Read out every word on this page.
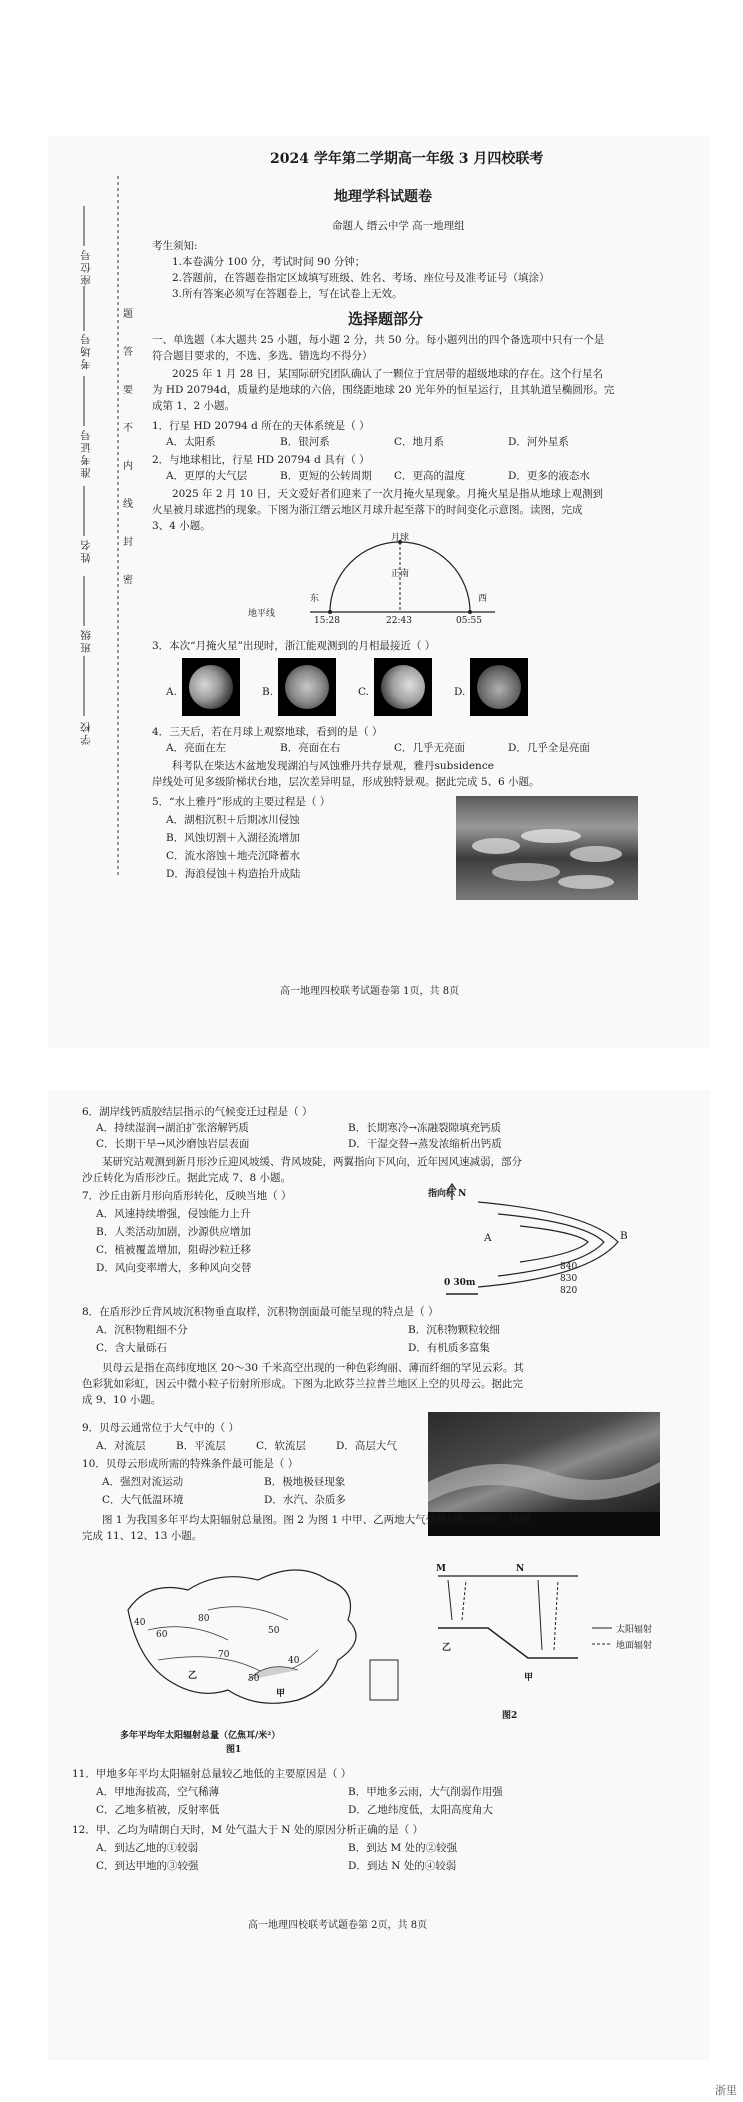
座位号
考场号
准考证号
姓名
班级
学校
题
答
要
不
内
线
封
密
2024 学年第二学期高一年级 3 月四校联考
地理学科试题卷
命题人 缙云中学 高一地理组
考生须知:
1.本卷满分 100 分，考试时间 90 分钟；
2.答题前，在答题卷指定区域填写班级、姓名、考场、座位号及准考证号（填涂）
3.所有答案必须写在答题卷上，写在试卷上无效。
选择题部分
一、单选题（本大题共 25 小题，每小题 2 分，共 50 分。每小题列出的四个备选项中只有一个是
符合题目要求的，不选、多选、错选均不得分）
2025 年 1 月 28 日，某国际研究团队确认了一颗位于宜居带的超级地球的存在。这个行星名
为 HD 20794d，质量约是地球的六倍，围绕距地球 20 光年外的恒星运行，且其轨道呈椭圆形。完
成第 1、2 小题。
1．行星 HD 20794 d 所在的天体系统是（ ）
A．太阳系	B．银河系	C．地月系	D．河外星系
2．与地球相比，行星 HD 20794 d 具有（ ）
A．更厚的大气层	B．更短的公转周期 C．更高的温度	D．更多的液态水
2025 年 2 月 10 日，天文爱好者们迎来了一次月掩火星现象。月掩火星是指从地球上观测到
火星被月球遮挡的现象。下图为浙江缙云地区月球升起至落下的时间变化示意图。读图，完成
3、4 小题。
月球
正南
东	西
地平线
15:28	22:43	05:55
3．本次“月掩火星”出现时，浙江能观测到的月相最接近（ ）
A.	B.	C.	D.
4．三天后，若在月球上观察地球，看到的是（ ）
A．亮面在左	B．亮面在右	C．几乎无亮面	D．几乎全是亮面
科考队在柴达木盆地发现湖泊与风蚀雅丹共存景观，雅丹subsidence
岸线处可见多级阶梯状台地，层次差异明显，形成独特景观。据此完成 5、6 小题。
5．“水上雅丹”形成的主要过程是（ ）
A．湖相沉积＋后期冰川侵蚀
B．风蚀切割＋入湖径流增加
C．流水溶蚀＋地壳沉降蓄水
D．海浪侵蚀＋构造抬升成陆
高一地理四校联考试题卷第 1页，共 8页
6．湖岸线钙质胶结层指示的气候变迁过程是（ ）
A．持续湿润→湖泊扩张溶解钙质	B．长期寒冷→冻融裂隙填充钙质
C．长期干旱→风沙磨蚀岩层表面	D．干湿交替→蒸发浓缩析出钙质
某研究站观测到新月形沙丘迎风坡缓、背风坡陡，两翼指向下风向，近年因风速减弱，部分
沙丘转化为盾形沙丘。据此完成 7、8 小题。
7．沙丘由新月形向盾形转化，反映当地（ ）
A．风速持续增强，侵蚀能力上升
B．人类活动加剧，沙源供应增加
C．植被覆盖增加，阻碍沙粒迁移
D．风向变率增大，多种风向交替
指向标 N
A	B
840
830
820
0 30m
8．在盾形沙丘背风坡沉积物垂直取样，沉积物剖面最可能呈现的特点是（ ）
A．沉积物粗细不分	B．沉积物颗粒较细
C．含大量砾石	D．有机质多富集
贝母云是指在高纬度地区 20～30 千米高空出现的一种色彩绚丽、薄而纤细的罕见云彩。其
色彩犹如彩虹，因云中微小粒子衍射所形成。下图为北欧芬兰拉普兰地区上空的贝母云。据此完
成 9、10 小题。
9．贝母云通常位于大气中的（ ）
A．对流层	B．平流层	C．软流层	D．高层大气
10．贝母云形成所需的特殊条件最可能是（ ）
A．强烈对流运动	B．极地极昼现象
C．大气低温环境	D．水汽、杂质多
图 1 为我国多年平均太阳辐射总量图。图 2 为图 1 中甲、乙两地大气受热过程示意图。读图，
完成 11、12、13 小题。
40
60
80
70
50
50
40
乙
甲
多年平均年太阳辐射总量（亿焦耳/米²）
图1
M	N
乙
甲
太阳辐射
地面辐射
图2
11．甲地多年平均太阳辐射总量较乙地低的主要原因是（ ）
A．甲地海拔高，空气稀薄	B．甲地多云雨，大气削弱作用强
C．乙地多植被，反射率低	D．乙地纬度低，太阳高度角大
12．甲、乙均为晴朗白天时，M 处气温大于 N 处的原因分析正确的是（ ）
A．到达乙地的①较弱	B．到达 M 处的②较强
C．到达甲地的③较强	D．到达 N 处的④较弱
高一地理四校联考试题卷第 2页，共 8页
浙里
